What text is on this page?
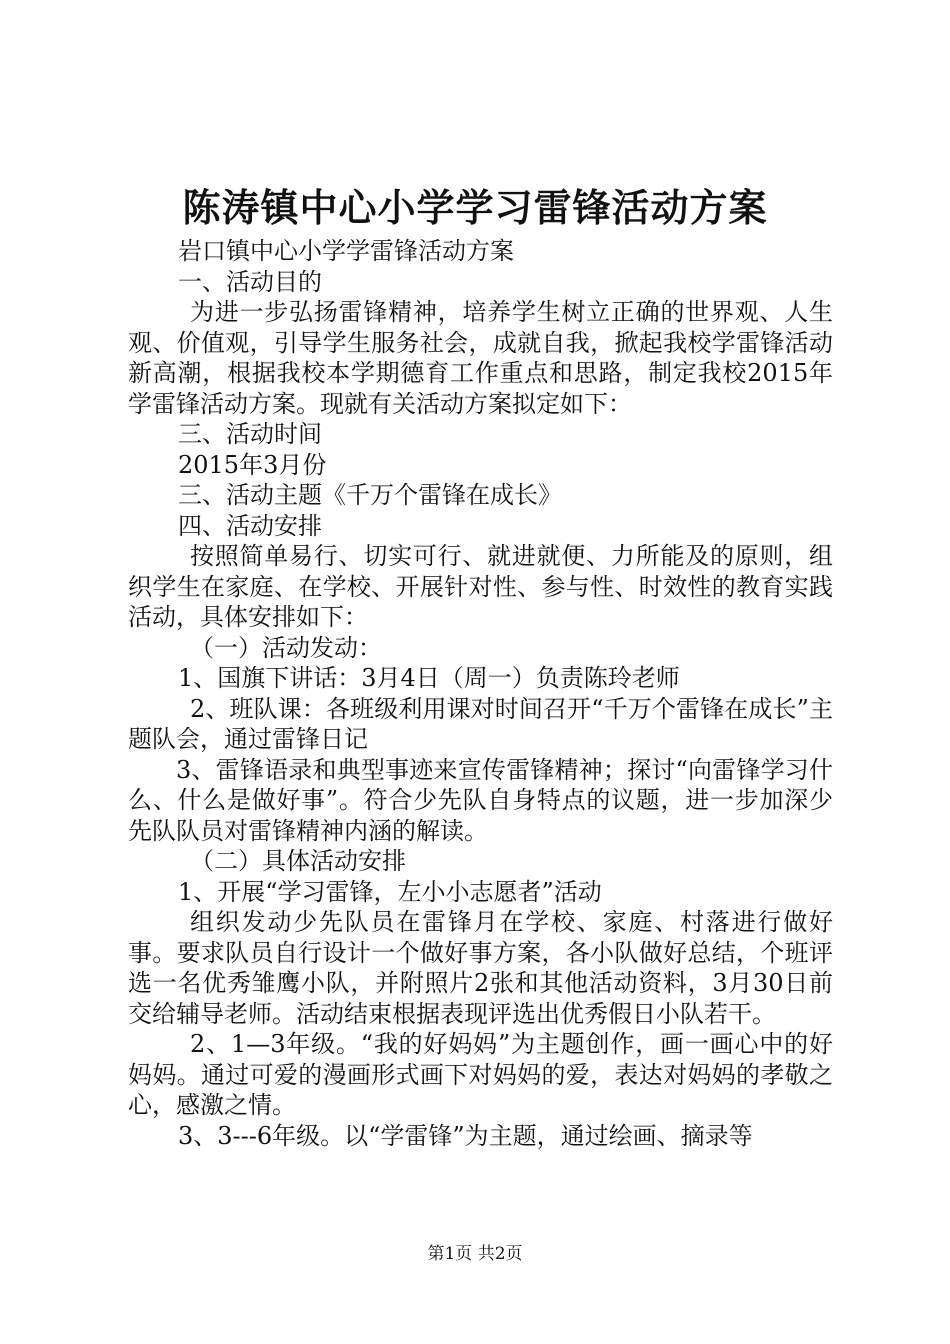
陈涛镇中心小学学习雷锋活动方案

岩口镇中心小学学雷锋活动方案

一、活动目的

为进一步弘扬雷锋精神，培养学生树立正确的世界观、人生观、价值观，引导学生服务社会，成就自我，掀起我校学雷锋活动新高潮，根据我校本学期德育工作重点和思路，制定我校2015年学雷锋活动方案。现就有关活动方案拟定如下：

三、活动时间

2015年3月份

三、活动主题《千万个雷锋在成长》

四、活动安排

按照简单易行、切实可行、就进就便、力所能及的原则，组织学生在家庭、在学校、开展针对性、参与性、时效性的教育实践活动，具体安排如下：

（一）活动发动：

1、国旗下讲话：3月4日（周一）负责陈玲老师

2、班队课：各班级利用课对时间召开“千万个雷锋在成长”主题队会，通过雷锋日记

3、雷锋语录和典型事迹来宣传雷锋精神；探讨“向雷锋学习什么、什么是做好事”。符合少先队自身特点的议题，进一步加深少先队队员对雷锋精神内涵的解读。

（二）具体活动安排

1、开展“学习雷锋，左小小志愿者”活动

组织发动少先队员在雷锋月在学校、家庭、村落进行做好事。要求队员自行设计一个做好事方案，各小队做好总结，个班评选一名优秀雏鹰小队，并附照片2张和其他活动资料，3月30日前交给辅导老师。活动结束根据表现评选出优秀假日小队若干。

2、1—3年级。“我的好妈妈”为主题创作，画一画心中的好妈妈。通过可爱的漫画形式画下对妈妈的爱，表达对妈妈的孝敬之心，感激之情。

3、3---6年级。以“学雷锋”为主题，通过绘画、摘录等

第1页 共2页
